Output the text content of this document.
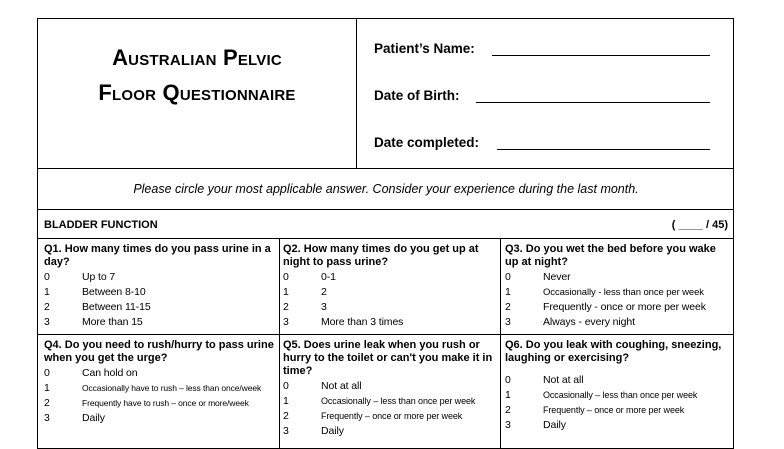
Australian Pelvic
Floor Questionnaire
Patient’s Name:
Date of Birth:
Date completed:
Please circle your most applicable answer. Consider your experience during the last month.
BLADDER FUNCTION	( ____ / 45)
Q1. How many times do you pass urine in a day?
0	Up to 7
1	Between 8-10
2	Between 11-15
3	More than 15
Q2. How many times do you get up at night to pass urine?
0	0-1
1	2
2	3
3	More than 3 times
Q3. Do you wet the bed before you wake up at night?
0	Never
1	Occasionally - less than once per week
2	Frequently - once or more per week
3	Always - every night
Q4. Do you need to rush/hurry to pass urine when you get the urge?
0	Can hold on
1	Occasionally have to rush – less than once/week
2	Frequently have to rush – once or more/week
3	Daily
Q5. Does urine leak when you rush or hurry to the toilet or can't you make it in time?
0	Not at all
1	Occasionally – less than once per week
2	Frequently – once or more per week
3	Daily
Q6. Do you leak with coughing, sneezing, laughing or exercising?
0	Not at all
1	Occasionally – less than once per week
2	Frequently – once or more per week
3	Daily
